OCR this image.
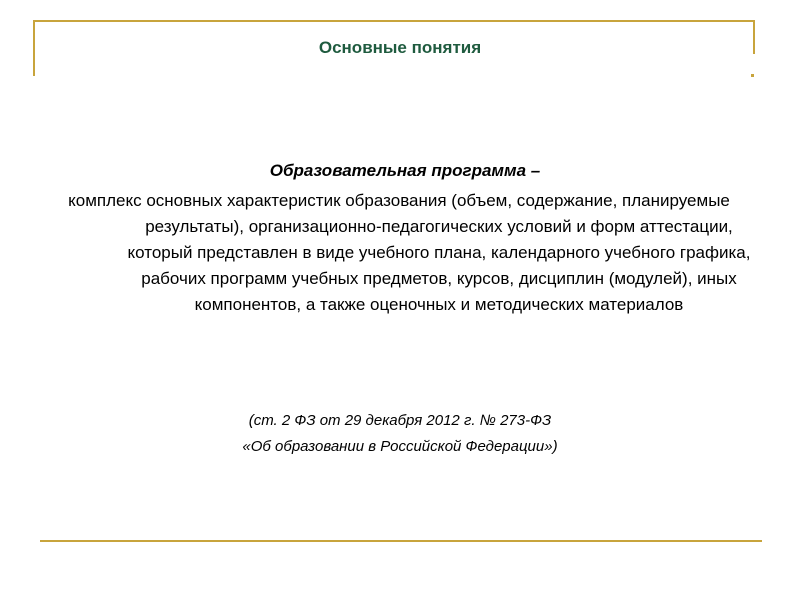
Основные понятия

Образовательная программа –

комплекс основных характеристик образования (объем, содержание, планируемые результаты), организационно-педагогических условий и форм аттестации, который представлен в виде учебного плана, календарного учебного графика, рабочих программ учебных предметов, курсов, дисциплин (модулей), иных компонентов, а также оценочных и методических материалов

(ст. 2 ФЗ от 29 декабря 2012 г. № 273-ФЗ

«Об образовании в Российской Федерации»)
